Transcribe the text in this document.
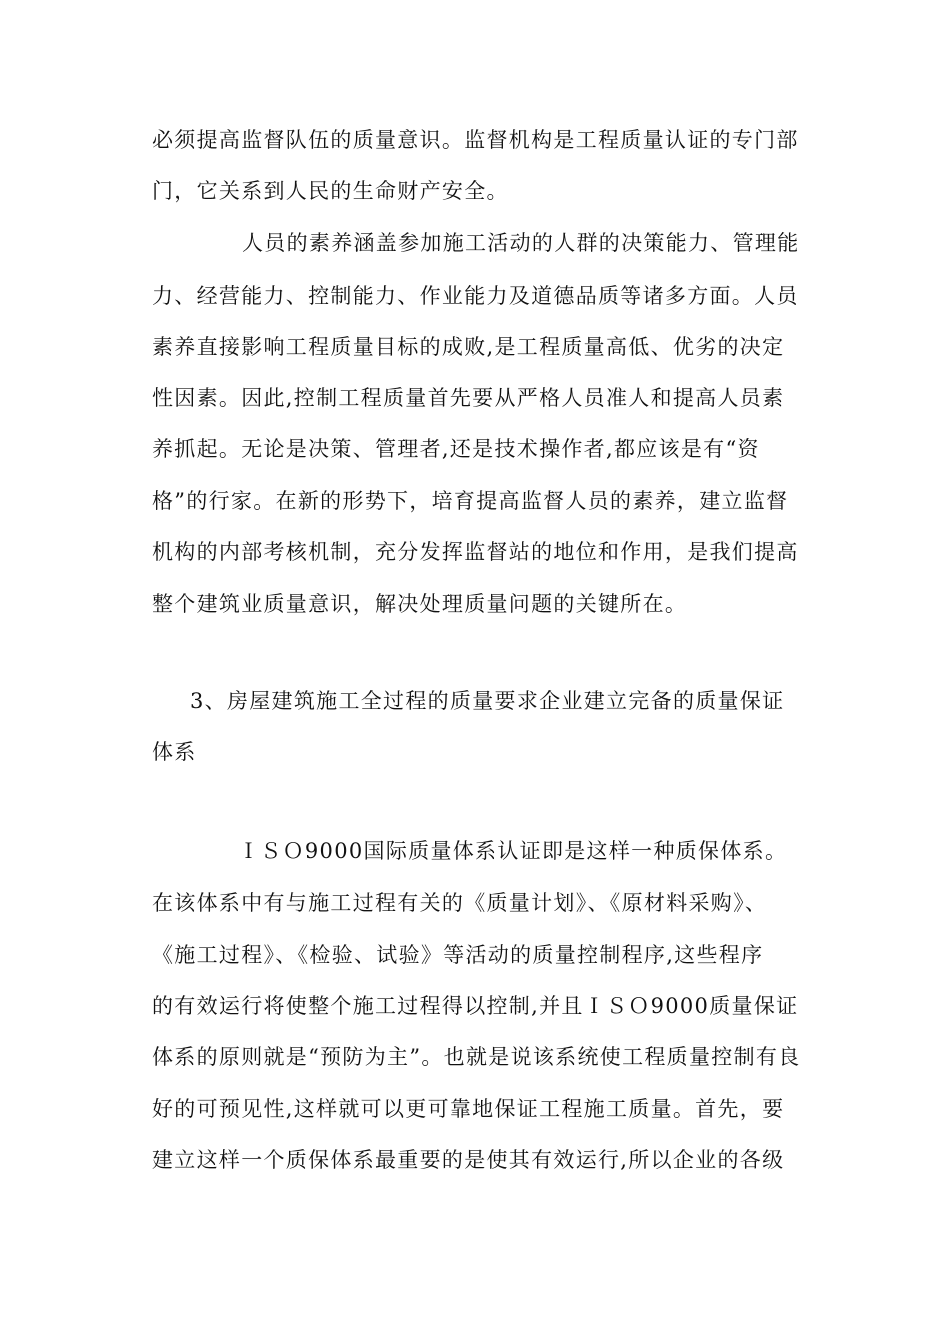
必须提高监督队伍的质量意识。监督机构是工程质量认证的专门部
门，它关系到人民的生命财产安全。
人员的素养涵盖参加施工活动的人群的决策能力、管理能
力、经营能力、控制能力、作业能力及道德品质等诸多方面。人员
素养直接影响工程质量目标的成败,是工程质量高低、优劣的决定
性因素。因此,控制工程质量首先要从严格人员准人和提高人员素
养抓起。无论是决策、管理者,还是技术操作者,都应该是有“资
格”的行家。在新的形势下，培育提高监督人员的素养，建立监督
机构的内部考核机制，充分发挥监督站的地位和作用，是我们提高
整个建筑业质量意识，解决处理质量问题的关键所在。
3、房屋建筑施工全过程的质量要求企业建立完备的质量保证
体系
ＩＳＯ9000国际质量体系认证即是这样一种质保体系。
在该体系中有与施工过程有关的《质量计划》、《原材料采购》、
《施工过程》、《检验、试验》等活动的质量控制程序,这些程序
的有效运行将使整个施工过程得以控制,并且ＩＳＯ9000质量保证
体系的原则就是“预防为主”。也就是说该系统使工程质量控制有良
好的可预见性,这样就可以更可靠地保证工程施工质量。首先，要
建立这样一个质保体系最重要的是使其有效运行,所以企业的各级
